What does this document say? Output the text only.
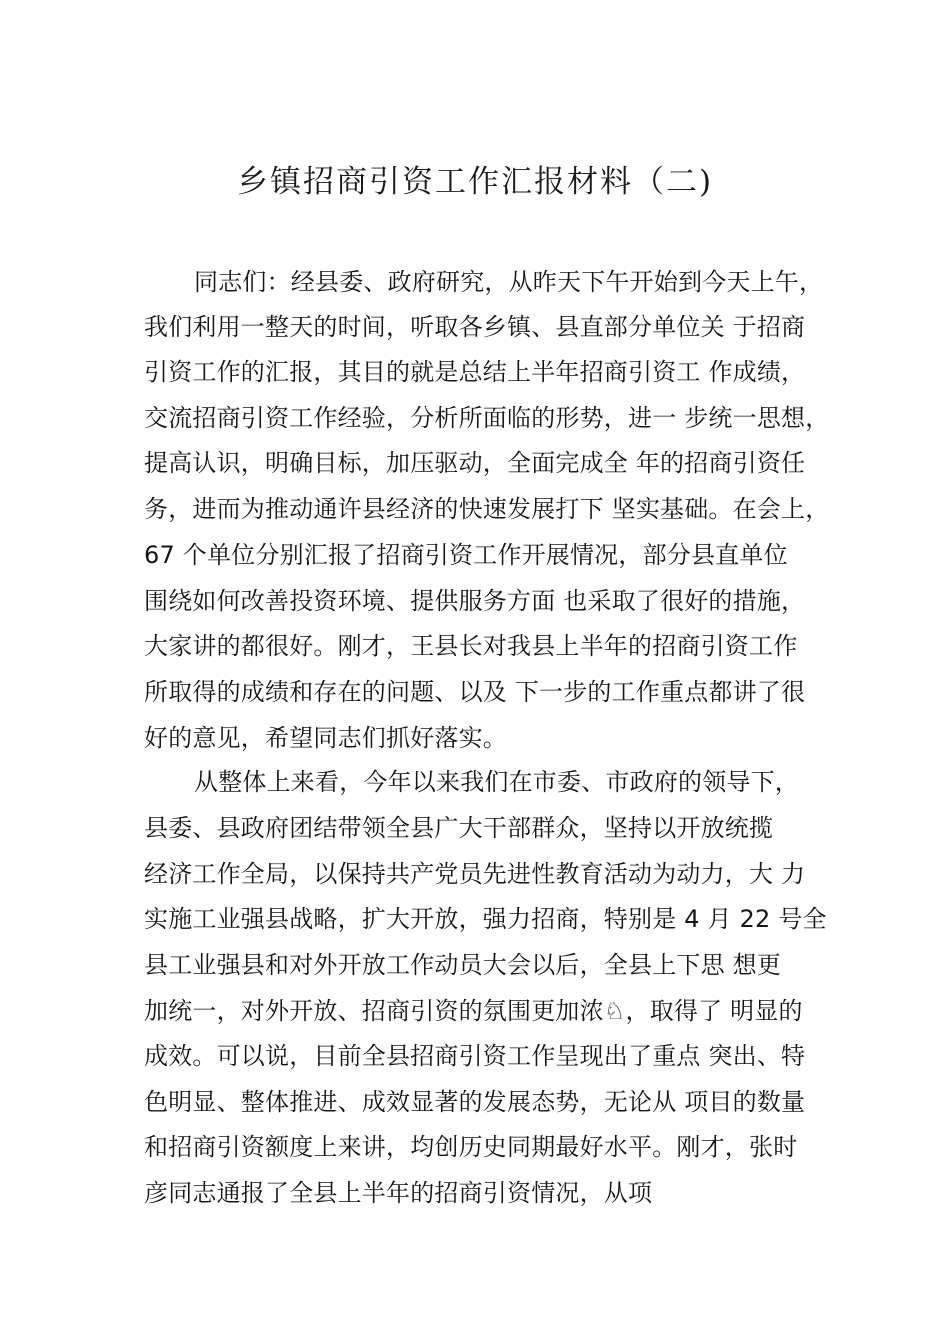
乡镇招商引资工作汇报材料（二)
同志们：经县委、政府研究，从昨天下午开始到今天上午，
我们利用一整天的时间，听取各乡镇、县直部分单位关 于招商
引资工作的汇报，其目的就是总结上半年招商引资工 作成绩，
交流招商引资工作经验，分析所面临的形势，进一 步统一思想，
提高认识，明确目标，加压驱动，全面完成全 年的招商引资任
务，进而为推动通许县经济的快速发展打下 坚实基础。在会上，
67 个单位分别汇报了招商引资工作开展情况，部分县直单位
围绕如何改善投资环境、提供服务方面 也采取了很好的措施，
大家讲的都很好。刚才，王县长对我县上半年的招商引资工作
所取得的成绩和存在的问题、以及 下一步的工作重点都讲了很
好的意见，希望同志们抓好落实。
从整体上来看，今年以来我们在市委、市政府的领导下，
县委、县政府团结带领全县广大干部群众，坚持以开放统揽
经济工作全局，以保持共产党员先进性教育活动为动力，大 力
实施工业强县战略，扩大开放，强力招商，特别是 4 月 22 号全
县工业强县和对外开放工作动员大会以后，全县上下思 想更
加统一，对外开放、招商引资的氛围更加浓♘，取得了 明显的
成效。可以说，目前全县招商引资工作呈现出了重点 突出、特
色明显、整体推进、成效显著的发展态势，无论从 项目的数量
和招商引资额度上来讲，均创历史同期最好水平。刚才，张时
彦同志通报了全县上半年的招商引资情况，从项
